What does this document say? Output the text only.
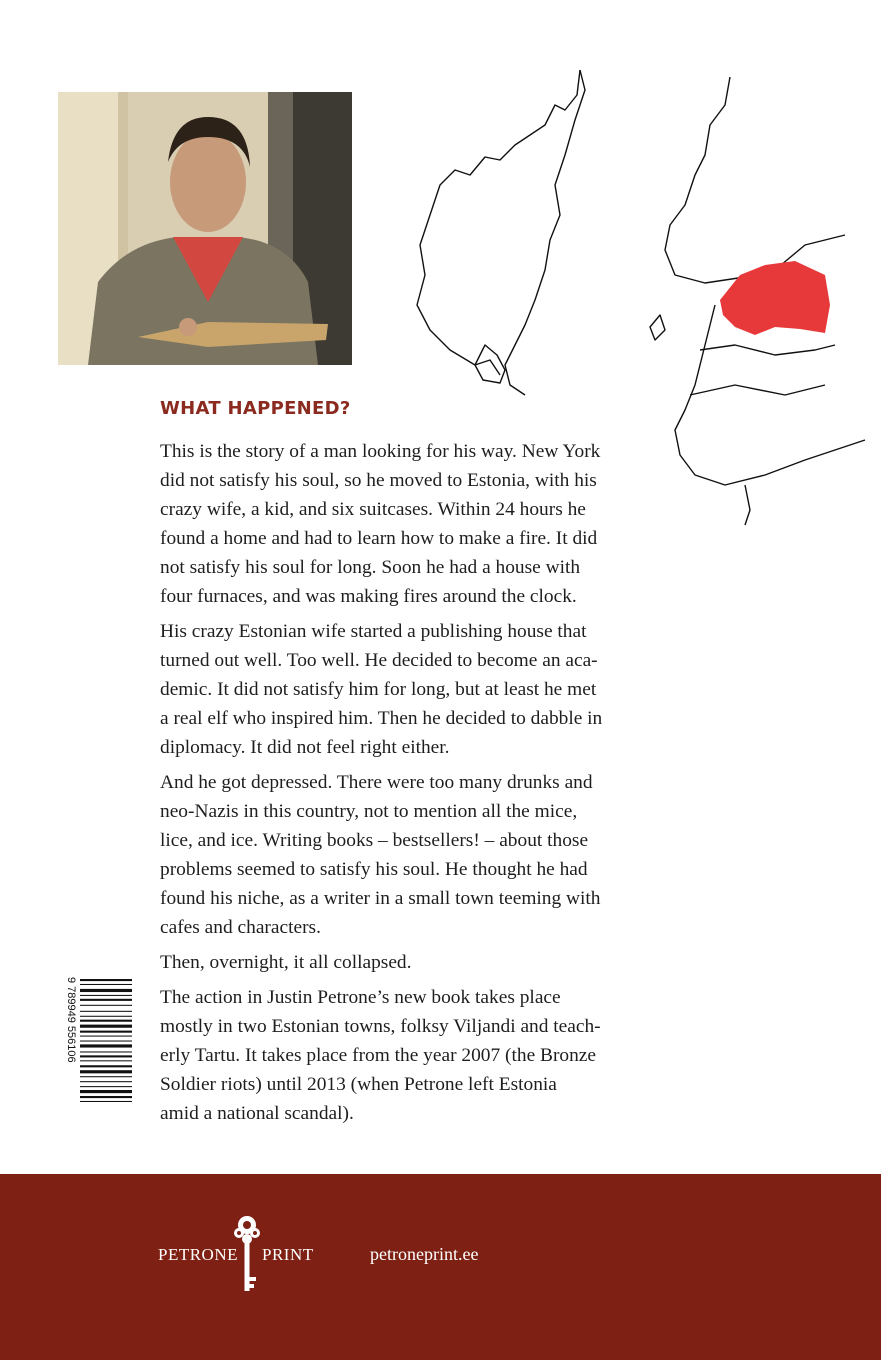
WHAT HAPPENED?

This is the story of a man looking for his way. New York
did not satisfy his soul, so he moved to Estonia, with his
crazy wife, a kid, and six suitcases. Within 24 hours he
found a home and had to learn how to make a fire. It did
not satisfy his soul for long. Soon he had a house with
four furnaces, and was making fires around the clock.

His crazy Estonian wife started a publishing house that
turned out well. Too well. He decided to become an aca-
demic. It did not satisfy him for long, but at least he met
a real elf who inspired him. Then he decided to dabble in
diplomacy. It did not feel right either.

And he got depressed. There were too many drunks and
neo-Nazis in this country, not to mention all the mice,
lice, and ice. Writing books – bestsellers! – about those
problems seemed to satisfy his soul. He thought he had
found his niche, as a writer in a small town teeming with
cafes and characters.

Then, overnight, it all collapsed.

The action in Justin Petrone’s new book takes place
mostly in two Estonian towns, folksy Viljandi and teach-
erly Tartu. It takes place from the year 2007 (the Bronze
Soldier riots) until 2013 (when Petrone left Estonia
amid a national scandal).

9 789949 556106
PETRONE PRINT	petroneprint.ee
